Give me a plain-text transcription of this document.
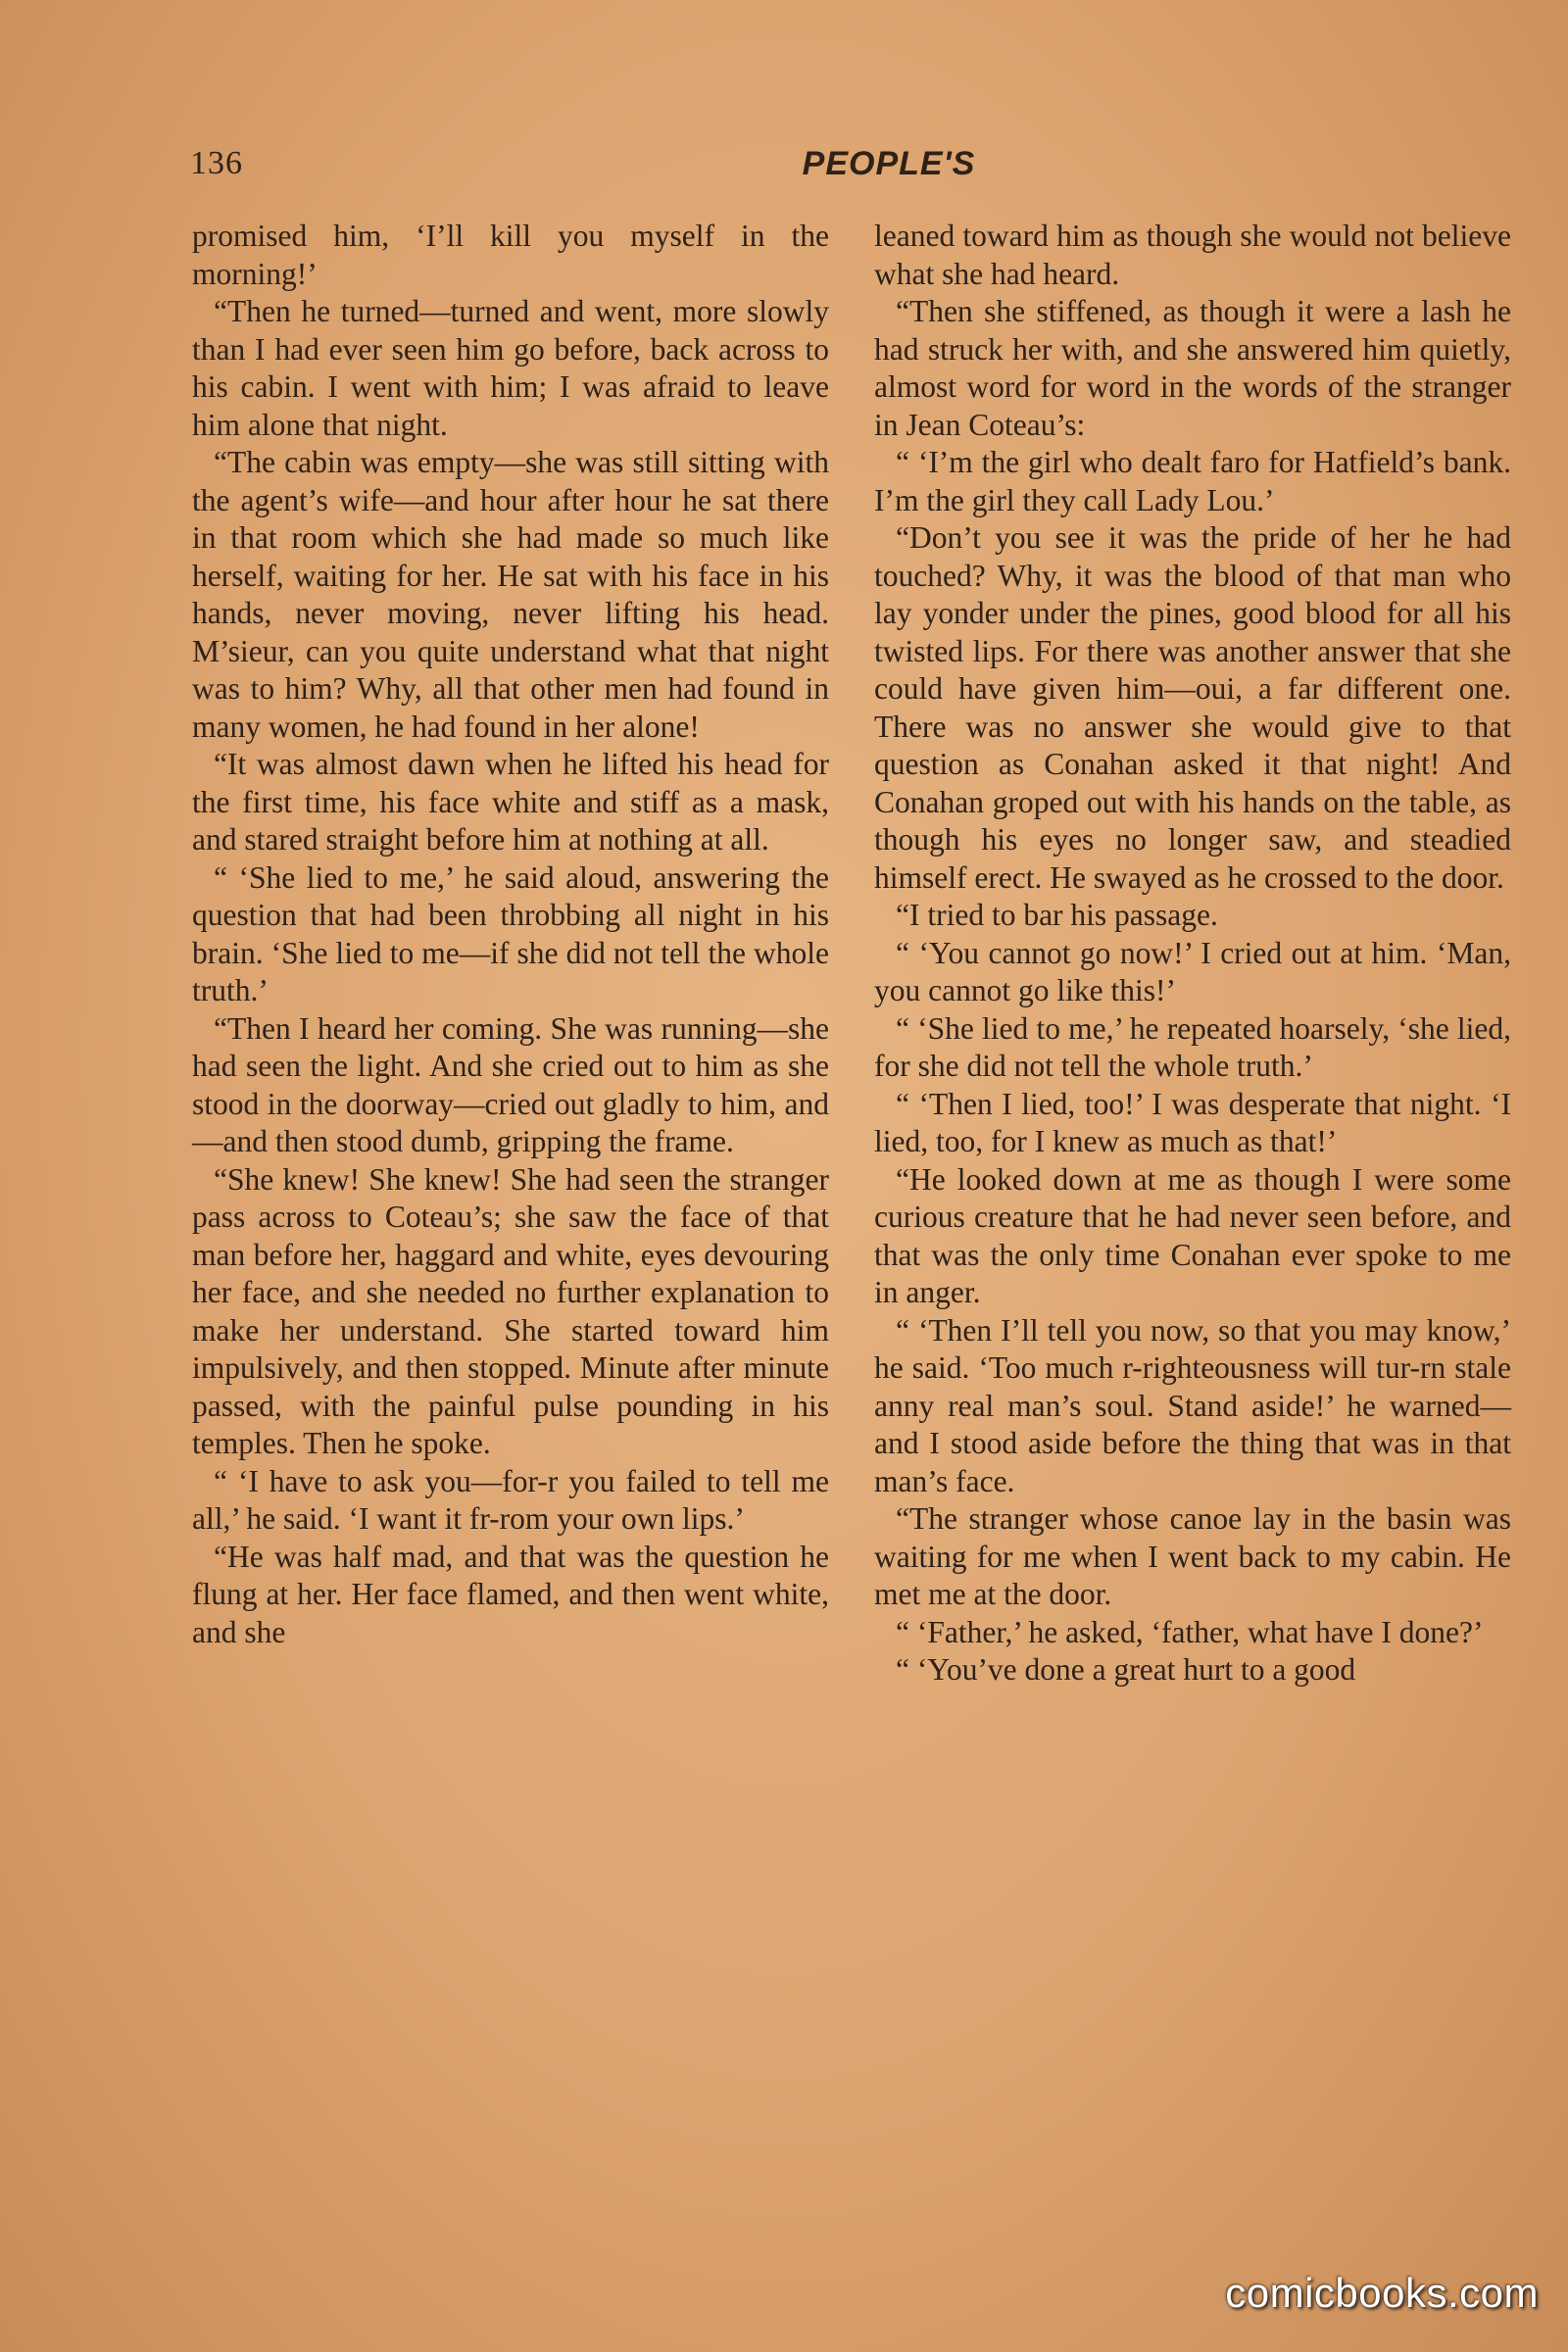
136	PEOPLE'S

promised him, ‘I’ll kill you myself in the morning!’

“Then he turned—turned and went, more slowly than I had ever seen him go before, back across to his cabin. I went with him; I was afraid to leave him alone that night.

“The cabin was empty—she was still sitting with the agent’s wife—and hour after hour he sat there in that room which she had made so much like herself, waiting for her. He sat with his face in his hands, never moving, never lifting his head. M’sieur, can you quite understand what that night was to him? Why, all that other men had found in many women, he had found in her alone!

“It was almost dawn when he lifted his head for the first time, his face white and stiff as a mask, and stared straight before him at nothing at all.

“ ‘She lied to me,’ he said aloud, answering the question that had been throbbing all night in his brain. ‘She lied to me—if she did not tell the whole truth.’

“Then I heard her coming. She was running—she had seen the light. And she cried out to him as she stood in the doorway—cried out gladly to him, and—and then stood dumb, gripping the frame.

“She knew! She knew! She had seen the stranger pass across to Coteau’s; she saw the face of that man before her, haggard and white, eyes devouring her face, and she needed no further explanation to make her understand. She started toward him impulsively, and then stopped. Minute after minute passed, with the painful pulse pounding in his temples. Then he spoke.

“ ‘I have to ask you—for-r you failed to tell me all,’ he said. ‘I want it fr-rom your own lips.’

“He was half mad, and that was the question he flung at her. Her face flamed, and then went white, and she

leaned toward him as though she would not believe what she had heard.

“Then she stiffened, as though it were a lash he had struck her with, and she answered him quietly, almost word for word in the words of the stranger in Jean Coteau’s:

“ ‘I’m the girl who dealt faro for Hatfield’s bank. I’m the girl they call Lady Lou.’

“Don’t you see it was the pride of her he had touched? Why, it was the blood of that man who lay yonder under the pines, good blood for all his twisted lips. For there was another answer that she could have given him—oui, a far different one. There was no answer she would give to that question as Conahan asked it that night! And Conahan groped out with his hands on the table, as though his eyes no longer saw, and steadied himself erect. He swayed as he crossed to the door.

“I tried to bar his passage.

“ ‘You cannot go now!’ I cried out at him. ‘Man, you cannot go like this!’

“ ‘She lied to me,’ he repeated hoarsely, ‘she lied, for she did not tell the whole truth.’

“ ‘Then I lied, too!’ I was desperate that night. ‘I lied, too, for I knew as much as that!’

“He looked down at me as though I were some curious creature that he had never seen before, and that was the only time Conahan ever spoke to me in anger.

“ ‘Then I’ll tell you now, so that you may know,’ he said. ‘Too much r-righteousness will tur-rn stale anny real man’s soul. Stand aside!’ he warned—and I stood aside before the thing that was in that man’s face.

“The stranger whose canoe lay in the basin was waiting for me when I went back to my cabin. He met me at the door.

“ ‘Father,’ he asked, ‘father, what have I done?’

“ ‘You’ve done a great hurt to a good

comicbooks.com
